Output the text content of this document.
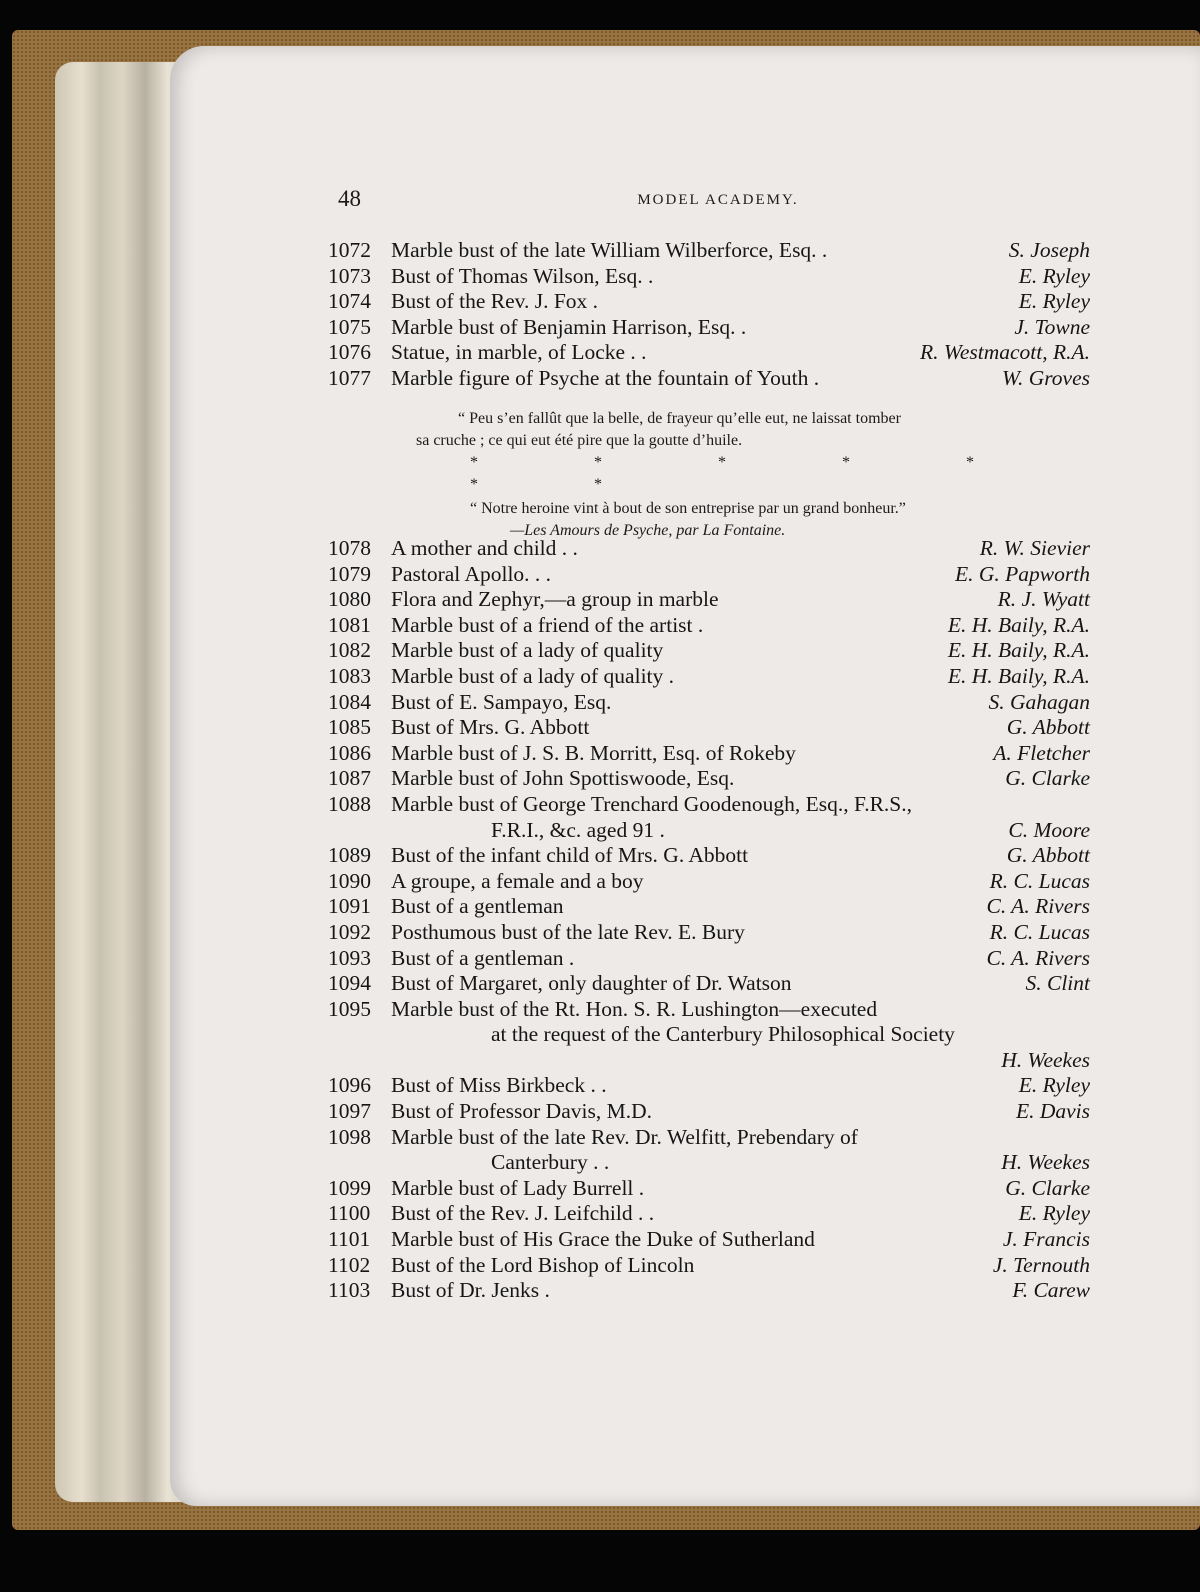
48	MODEL ACADEMY.
1072 Marble bust of the late William Wilberforce, Esq. .	S. Joseph
1073 Bust of Thomas Wilson, Esq. .	E. Ryley
1074 Bust of the Rev. J. Fox .	E. Ryley
1075 Marble bust of Benjamin Harrison, Esq. .	J. Towne
1076 Statue, in marble, of Locke . .	R. Westmacott, R.A.
1077 Marble figure of Psyche at the fountain of Youth .	W. Groves
“ Peu s’en fallût que la belle, de frayeur qu’elle eut, ne laissat tomber
sa cruche ; ce qui eut été pire que la goutte d’huile.
* * * * * * *
“ Notre heroine vint à bout de son entreprise par un grand bonheur.”
—Les Amours de Psyche, par La Fontaine.
1078 A mother and child . .	R. W. Sievier
1079 Pastoral Apollo. . .	E. G. Papworth
1080 Flora and Zephyr,—a group in marble	R. J. Wyatt
1081 Marble bust of a friend of the artist .	E. H. Baily, R.A.
1082 Marble bust of a lady of quality	E. H. Baily, R.A.
1083 Marble bust of a lady of quality .	E. H. Baily, R.A.
1084 Bust of E. Sampayo, Esq.	S. Gahagan
1085 Bust of Mrs. G. Abbott	G. Abbott
1086 Marble bust of J. S. B. Morritt, Esq. of Rokeby	A. Fletcher
1087 Marble bust of John Spottiswoode, Esq.	G. Clarke
1088 Marble bust of George Trenchard Goodenough, Esq., F.R.S.,
F.R.I., &c. aged 91 .	C. Moore
1089 Bust of the infant child of Mrs. G. Abbott	G. Abbott
1090 A groupe, a female and a boy	R. C. Lucas
1091 Bust of a gentleman	C. A. Rivers
1092 Posthumous bust of the late Rev. E. Bury	R. C. Lucas
1093 Bust of a gentleman .	C. A. Rivers
1094 Bust of Margaret, only daughter of Dr. Watson	S. Clint
1095 Marble bust of the Rt. Hon. S. R. Lushington—executed
at the request of the Canterbury Philosophical Society
H. Weekes
1096 Bust of Miss Birkbeck . .	E. Ryley
1097 Bust of Professor Davis, M.D.	E. Davis
1098 Marble bust of the late Rev. Dr. Welfitt, Prebendary of
Canterbury . .	H. Weekes
1099 Marble bust of Lady Burrell .	G. Clarke
1100 Bust of the Rev. J. Leifchild . .	E. Ryley
1101 Marble bust of His Grace the Duke of Sutherland	J. Francis
1102 Bust of the Lord Bishop of Lincoln	J. Ternouth
1103 Bust of Dr. Jenks .	F. Carew
